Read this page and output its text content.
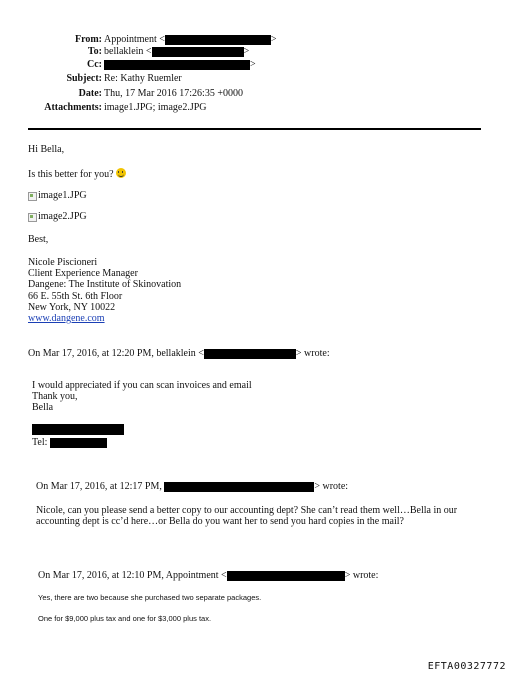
From: Appointment <	>
To: bellaklein <	>
Cc:	>
Subject: Re: Kathy Ruemler
Date: Thu, 17 Mar 2016 17:26:35 +0000
Attachments: image1.JPG; image2.JPG
Hi Bella,
Is this better for you?
image1.JPG
image2.JPG
Best,
Nicole Piscioneri
Client Experience Manager
Dangene: The Institute of Skinovation
66 E. 55th St. 6th Floor
New York, NY 10022
www.dangene.com
On Mar 17, 2016, at 12:20 PM, bellaklein <	> wrote:
I would appreciated if you can scan invoices and email
Thank you,
Bella
Tel:
On Mar 17, 2016, at 12:17 PM,	> wrote:
Nicole, can you please send a better copy to our accounting dept? She can’t read them well…Bella in our
accounting dept is cc’d here…or Bella do you want her to send you hard copies in the mail?
On Mar 17, 2016, at 12:10 PM, Appointment <	> wrote:
Yes, there are two because she purchased two separate packages.
One for $9,000 plus tax and one for $3,000 plus tax.
EFTA00327772
